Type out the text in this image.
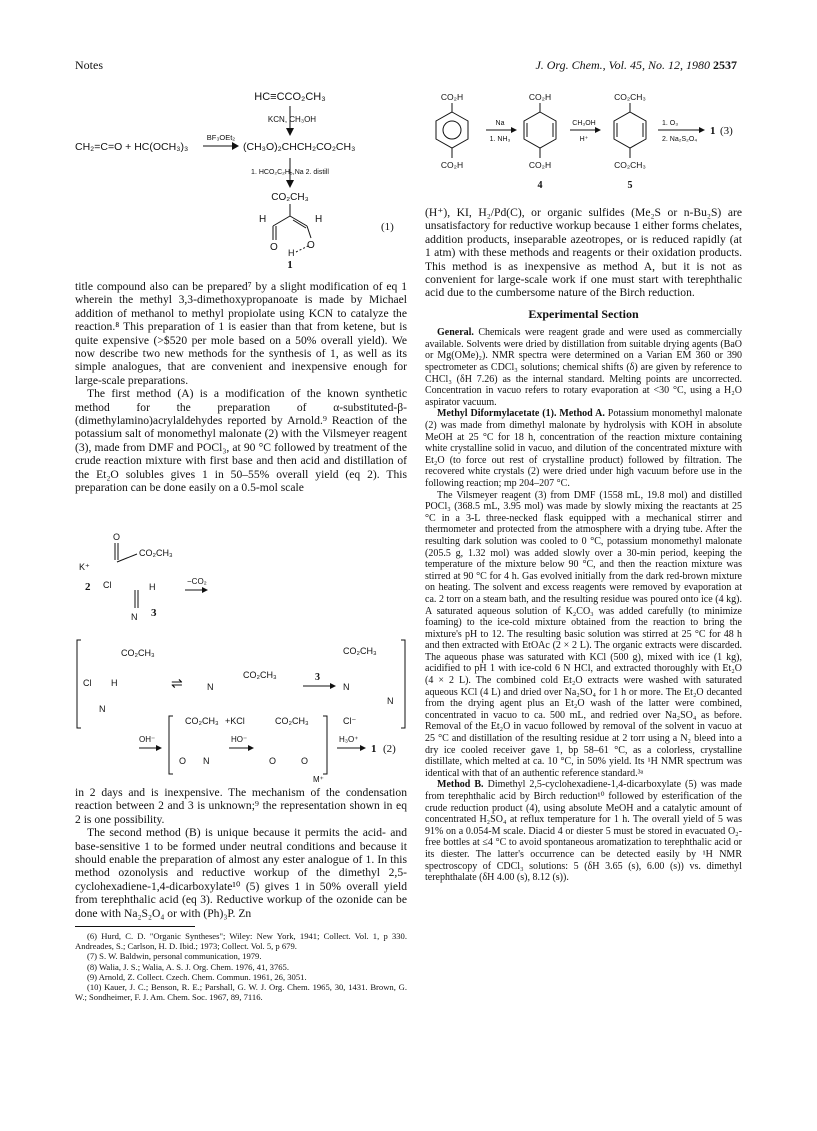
Notes	J. Org. Chem., Vol. 45, No. 12, 1980 2537
HC≡CCO₂CH₃
KCN, CH₃OH
CH₂=C=O + HC(OCH₃)₃
BF₃OEt₂
(CH₃O)₂CHCH₂CO₂CH₃
1. HCO₂C₂H₅,Na 2. distill
CO₂CH₃
H	H
O	O
H
(1)
1

title compound also can be prepared⁷ by a slight modification of eq 1 wherein the methyl 3,3-dimethoxypropanoate is made by Michael addition of methanol to methyl propiolate using KCN to catalyze the reaction.⁸ This preparation of 1 is easier than that from ketene, but is quite expensive (>$520 per mole based on a 50% overall yield). We now describe two new methods for the synthesis of 1, as well as its simple analogues, that are convenient and inexpensive enough for large-scale preparations.

The first method (A) is a modification of the known synthetic method for the preparation of α-substituted-β-(dimethylamino)acrylaldehydes reported by Arnold.⁹ Reaction of the potassium salt of monomethyl malonate (2) with the Vilsmeyer reagent (3), made from DMF and POCl₃, at 90 °C followed by treatment of the crude reaction mixture with first base and then acid and distillation of the Et₂O solubles gives 1 in 50–55% overall yield (eq 2). This preparation can be done easily on a 0.5-mol scale

K⁺
O
CO₂CH₃
2 Cl	H
N 3
−CO₂
CO₂CH₃
Cl H
N
⇌	N
CO₂CH₃	3
CO₂CH₃
N
N
+KCl	Cl⁻
OH⁻
CO₂CH₃
O N
HO⁻
CO₂CH₃
O	O
M⁺
H₃O⁺
1 (2)

in 2 days and is inexpensive. The mechanism of the condensation reaction between 2 and 3 is unknown;⁹ the representation shown in eq 2 is one possibility.

The second method (B) is unique because it permits the acid- and base-sensitive 1 to be formed under neutral conditions and because it should enable the preparation of almost any ester analogue of 1. In this method ozonolysis and reductive workup of the dimethyl 2,5-cyclohexadiene-1,4-dicarboxylate¹⁰ (5) gives 1 in 50% overall yield from terephthalic acid (eq 3). Reductive workup of the ozonide can be done with Na₂S₂O₄ or with (Ph)₃P. Zn

(6) Hurd, C. D. "Organic Syntheses"; Wiley: New York, 1941; Collect. Vol. 1, p 330. Andreades, S.; Carlson, H. D. Ibid.; 1973; Collect. Vol. 5, p 679.

(7) S. W. Baldwin, personal communication, 1979.

(8) Walia, J. S.; Walia, A. S. J. Org. Chem. 1976, 41, 3765.

(9) Arnold, Z. Collect. Czech. Chem. Commun. 1961, 26, 3051.

(10) Kauer, J. C.; Benson, R. E.; Parshall, G. W. J. Org. Chem. 1965, 30, 1431. Brown, G. W.; Sondheimer, F. J. Am. Chem. Soc. 1967, 89, 7116.

CO₂H
CO₂H
Na
1. NH₃
CO₂H
CO₂H
4
CH₃OH
H⁺
CO₂CH₃
CO₂CH₃
5
1. O₃
2. Na₂S₂O₄
1 (3)

(H⁺), KI, H₂/Pd(C), or organic sulfides (Me₂S or n-Bu₂S) are unsatisfactory for reductive workup because 1 either forms chelates, addition products, inseparable azeotropes, or is reduced rapidly (at 1 atm) with these methods and reagents or their oxidation products. This method is as inexpensive as method A, but it is not as convenient for large-scale work if one must start with terephthalic acid due to the cumbersome nature of the Birch reduction.

Experimental Section

General. Chemicals were reagent grade and were used as commercially available. Solvents were dried by distillation from suitable drying agents (BaO or Mg(OMe)₂). NMR spectra were determined on a Varian EM 360 or 390 spectrometer as CDCl₃ solutions; chemical shifts (δ) are given by reference to CHCl₃ (δH 7.26) as the internal standard. Melting points are uncorrected. Concentration in vacuo refers to rotary evaporation at <30 °C, using a H₂O aspirator vacuum.

Methyl Diformylacetate (1). Method A. Potassium monomethyl malonate (2) was made from dimethyl malonate by hydrolysis with KOH in absolute MeOH at 25 °C for 18 h, concentration of the reaction mixture containing white crystalline solid in vacuo, and dilution of the concentrated mixture with Et₂O (to force out rest of crystalline product) followed by filtration. The recovered white crystals (2) were dried under high vacuum before use in the following reaction; mp 204–207 °C.

The Vilsmeyer reagent (3) from DMF (1558 mL, 19.8 mol) and distilled POCl₃ (368.5 mL, 3.95 mol) was made by slowly mixing the reactants at 25 °C in a 3-L three-necked flask equipped with a mechanical stirrer and thermometer and protected from the atmosphere with a drying tube. After the resulting dark solution was cooled to 0 °C, potassium monomethyl malonate (205.5 g, 1.32 mol) was added slowly over a 30-min period, keeping the temperature of the mixture below 90 °C, and then the reaction mixture was stirred at 90 °C for 4 h. Gas evolved initially from the dark red-brown mixture on heating. The solvent and excess reagents were removed by evaporation at ca. 2 torr on a steam bath, and the resulting residue was poured onto ice (4 kg). A saturated aqueous solution of K₂CO₃ was added carefully (to minimize foaming) to the ice-cold mixture obtained from the reaction to bring the mixture's pH to 12. The resulting basic solution was stirred at 25 °C for 48 h and then extracted with EtOAc (2 × 2 L). The organic extracts were discarded. The aqueous phase was saturated with KCl (500 g), mixed with ice (1 kg), acidified to pH 1 with ice-cold 6 N HCl, and extracted thoroughly with Et₂O (4 × 2 L). The combined cold Et₂O extracts were washed with saturated aqueous KCl (4 L) and dried over Na₂SO₄ for 1 h or more. The Et₂O decanted from the drying agent plus an Et₂O wash of the latter were combined, concentrated in vacuo to ca. 500 mL, and redried over Na₂SO₄ as before. Removal of the Et₂O in vacuo followed by removal of the solvent in vacuo at 25 °C and distillation of the resulting residue at 2 torr using a N₂ bleed into a dry ice cooled receiver gave 1, bp 58–61 °C, as a colorless, crystalline distillate, which melted at ca. 10 °C, in 50% yield. Its ¹H NMR spectrum was identical with that of an authentic reference standard.³ᵃ

Method B. Dimethyl 2,5-cyclohexadiene-1,4-dicarboxylate (5) was made from terephthalic acid by Birch reduction¹⁰ followed by esterification of the crude reduction product (4), using absolute MeOH and a catalytic amount of concentrated H₂SO₄ at reflux temperature for 1 h. The overall yield of 5 was 91% on a 0.054-M scale. Diacid 4 or diester 5 must be stored in evacuated O₂-free bottles at ≤4 °C to avoid spontaneous aromatization to terephthalic acid or its diester. The latter's occurrence can be detected easily by ¹H NMR spectroscopy of CDCl₃ solutions: 5 (δH 3.65 (s), 6.00 (s)) vs. dimethyl terephthalate (δH 4.00 (s), 8.12 (s)).
